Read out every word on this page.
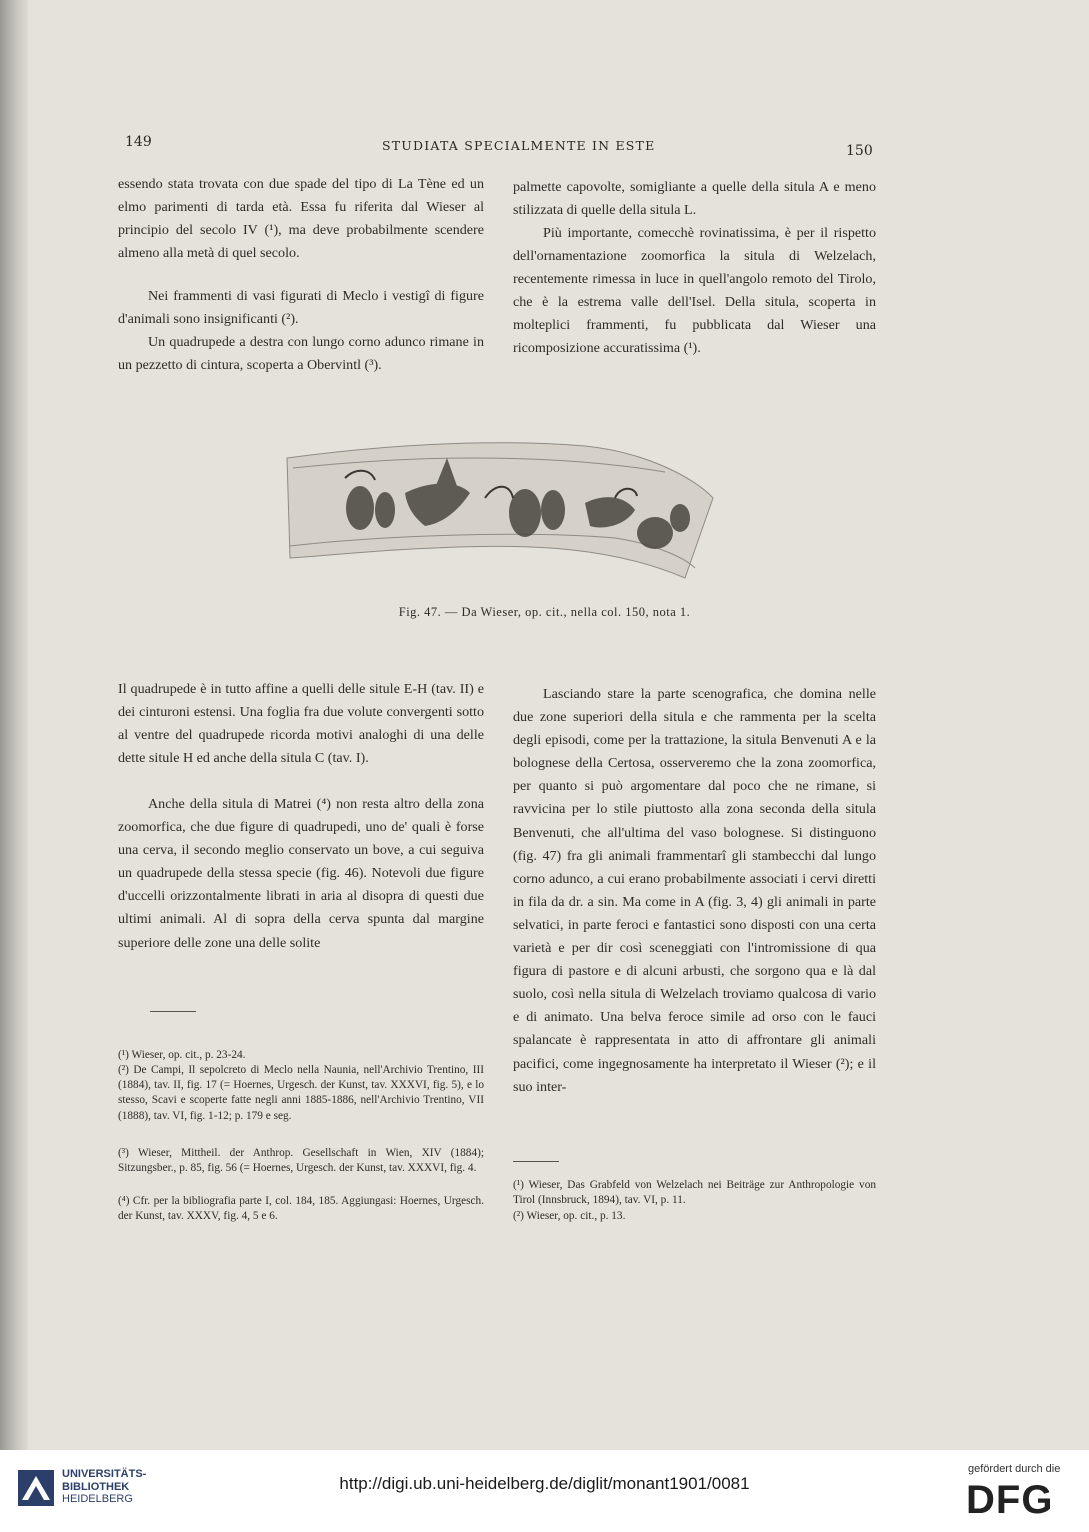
149	STUDIATA SPECIALMENTE IN ESTE	150

essendo stata trovata con due spade del tipo di La Tène ed un elmo parimenti di tarda età. Essa fu riferita dal Wieser al principio del secolo IV (¹), ma deve probabilmente scendere almeno alla metà di quel secolo.

Nei frammenti di vasi figurati di Meclo i vestigî di figure d'animali sono insignificanti (²).

Un quadrupede a destra con lungo corno adunco rimane in un pezzetto di cintura, scoperta a Obervintl (³).

palmette capovolte, somigliante a quelle della situla A e meno stilizzata di quelle della situla L.

Più importante, comecchè rovinatissima, è per il rispetto dell'ornamentazione zoomorfica la situla di Welzelach, recentemente rimessa in luce in quell'angolo remoto del Tirolo, che è la estrema valle dell'Isel. Della situla, scoperta in molteplici frammenti, fu pubblicata dal Wieser una ricomposizione accuratissima (¹).

Fig. 47. — Da Wieser, op. cit., nella col. 150, nota 1.

Il quadrupede è in tutto affine a quelli delle situle E-H (tav. II) e dei cinturoni estensi. Una foglia fra due volute convergenti sotto al ventre del quadrupede ricorda motivi analoghi di una delle dette situle H ed anche della situla C (tav. I).

Anche della situla di Matrei (⁴) non resta altro della zona zoomorfica, che due figure di quadrupedi, uno de' quali è forse una cerva, il secondo meglio conservato un bove, a cui seguiva un quadrupede della stessa specie (fig. 46). Notevoli due figure d'uccelli orizzontalmente librati in aria al disopra di questi due ultimi animali. Al di sopra della cerva spunta dal margine superiore delle zone una delle solite

Lasciando stare la parte scenografica, che domina nelle due zone superiori della situla e che rammenta per la scelta degli episodi, come per la trattazione, la situla Benvenuti A e la bolognese della Certosa, osserveremo che la zona zoomorfica, per quanto si può argomentare dal poco che ne rimane, si ravvicina per lo stile piuttosto alla zona seconda della situla Benvenuti, che all'ultima del vaso bolognese. Si distinguono (fig. 47) fra gli animali frammentarî gli stambecchi dal lungo corno adunco, a cui erano probabilmente associati i cervi diretti in fila da dr. a sin. Ma come in A (fig. 3, 4) gli animali in parte selvatici, in parte feroci e fantastici sono disposti con una certa varietà e per dir così sceneggiati con l'intromissione di qua figura di pastore e di alcuni arbusti, che sorgono qua e là dal suolo, così nella situla di Welzelach troviamo qualcosa di vario e di animato. Una belva feroce simile ad orso con le fauci spalancate è rappresentata in atto di affrontare gli animali pacifici, come ingegnosamente ha interpretato il Wieser (²); e il suo inter-

(¹) Wieser, op. cit., p. 23-24.

(²) De Campi, Il sepolcreto di Meclo nella Naunia, nell'Archivio Trentino, III (1884), tav. II, fig. 17 (= Hoernes, Urgesch. der Kunst, tav. XXXVI, fig. 5), e lo stesso, Scavi e scoperte fatte negli anni 1885-1886, nell'Archivio Trentino, VII (1888), tav. VI, fig. 1-12; p. 179 e seg.

(³) Wieser, Mittheil. der Anthrop. Gesellschaft in Wien, XIV (1884); Sitzungsber., p. 85, fig. 56 (= Hoernes, Urgesch. der Kunst, tav. XXXVI, fig. 4.

(⁴) Cfr. per la bibliografia parte I, col. 184, 185. Aggiungasi: Hoernes, Urgesch. der Kunst, tav. XXXV, fig. 4, 5 e 6.

(¹) Wieser, Das Grabfeld von Welzelach nei Beiträge zur Anthropologie von Tirol (Innsbruck, 1894), tav. VI, p. 11.

(²) Wieser, op. cit., p. 13.

UNIVERSITÄTS-
BIBLIOTHEK
HEIDELBERG
http://digi.ub.uni-heidelberg.de/diglit/monant1901/0081
gefördert durch die
DFG
